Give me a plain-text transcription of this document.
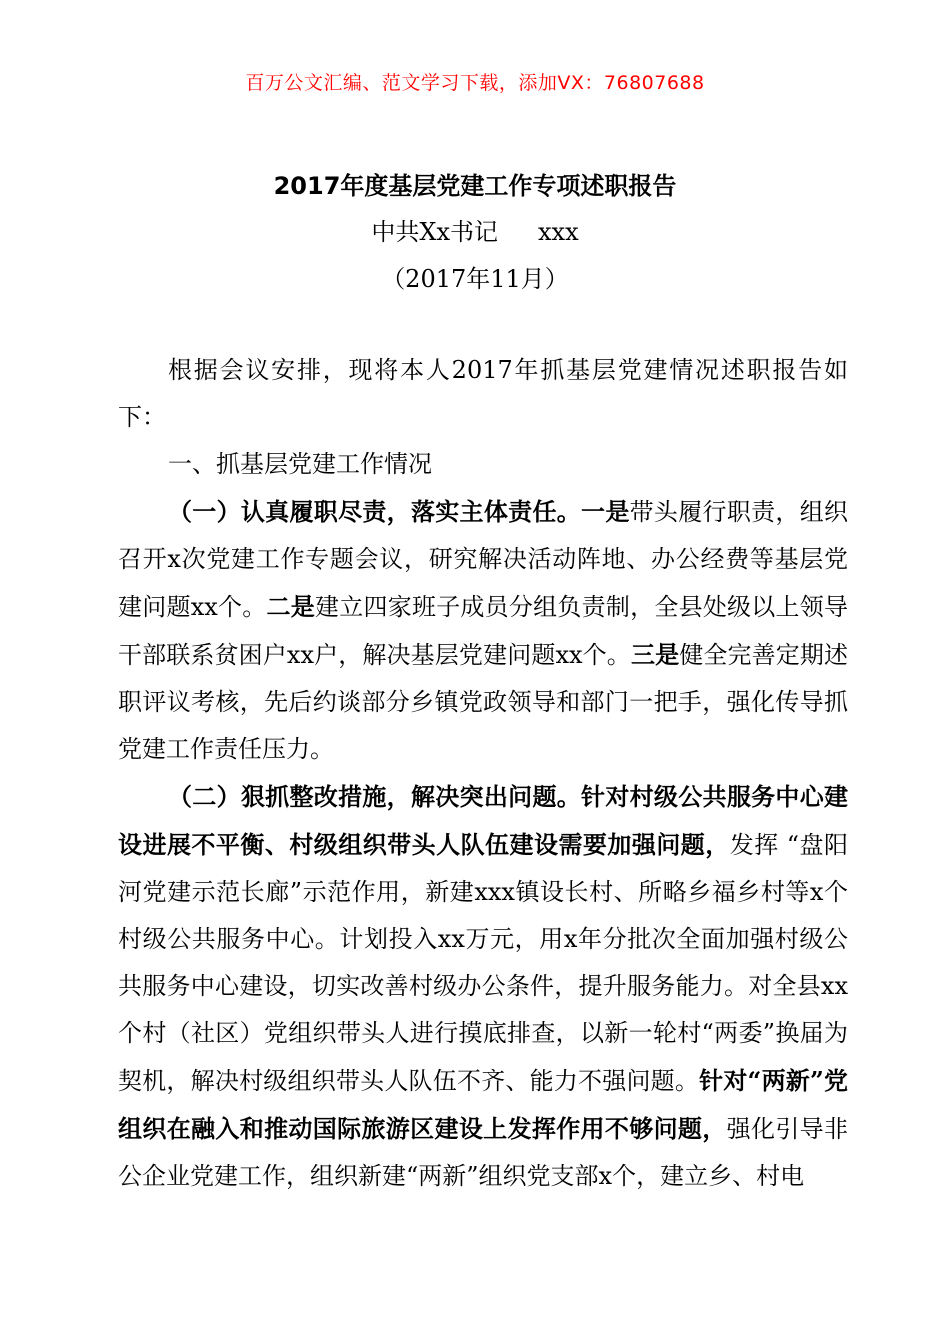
百万公文汇编、范文学习下载，添加VX：76807688
2017年度基层党建工作专项述职报告
中共Xx书记 xxx
（2017年11月）

根据会议安排，现将本人2017年抓基层党建情况述职报告如下：

一、抓基层党建工作情况

（一）认真履职尽责，落实主体责任。一是带头履行职责，组织召开x次党建工作专题会议，研究解决活动阵地、办公经费等基层党建问题xx个。二是建立四家班子成员分组负责制，全县处级以上领导干部联系贫困户xx户，解决基层党建问题xx个。三是健全完善定期述职评议考核，先后约谈部分乡镇党政领导和部门一把手，强化传导抓党建工作责任压力。

（二）狠抓整改措施，解决突出问题。针对村级公共服务中心建设进展不平衡、村级组织带头人队伍建设需要加强问题，发挥 “盘阳河党建示范长廊”示范作用，新建xxx镇设长村、所略乡福乡村等x个村级公共服务中心。计划投入xx万元，用x年分批次全面加强村级公共服务中心建设，切实改善村级办公条件，提升服务能力。对全县xx个村（社区）党组织带头人进行摸底排查，以新一轮村“两委”换届为契机，解决村级组织带头人队伍不齐、能力不强问题。针对“两新”党组织在融入和推动国际旅游区建设上发挥作用不够问题，强化引导非公企业党建工作，组织新建“两新”组织党支部x个，建立乡、村电
